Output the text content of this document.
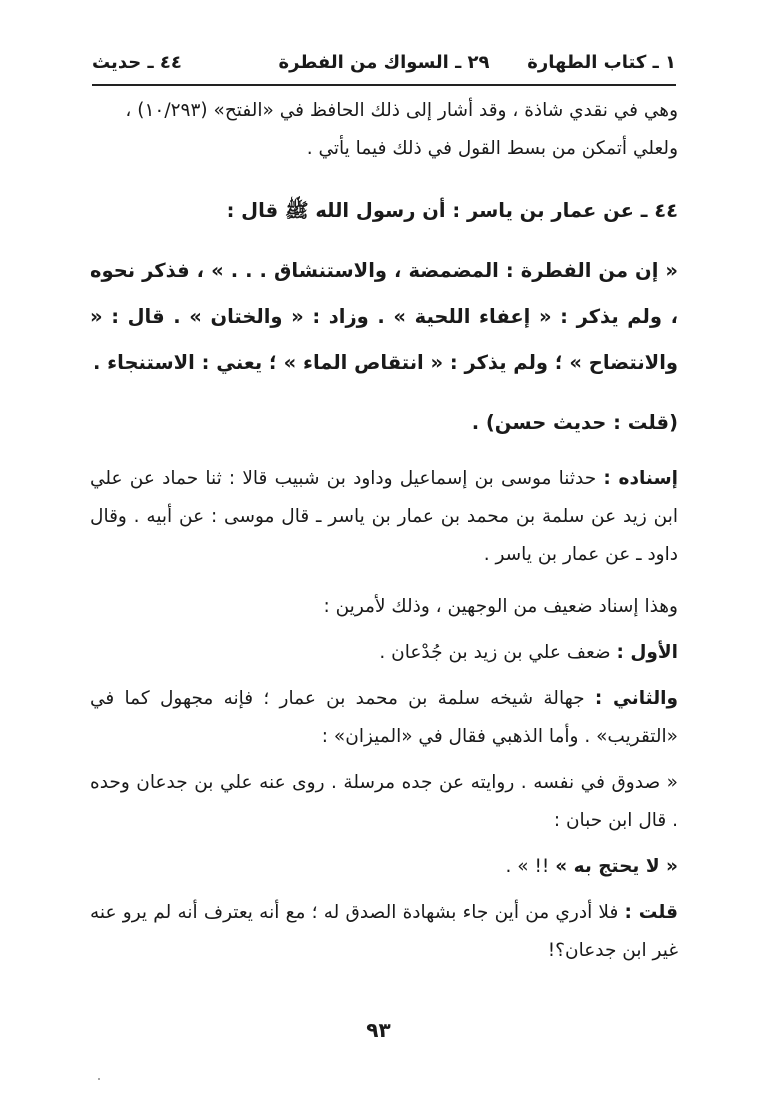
١ ـ كتاب الطهارة
٢٩ ـ السواك من الفطرة
٤٤ ـ حديث

وهي في نقدي شاذة ، وقد أشار إلى ذلك الحافظ في «الفتح» (١٠/٢٩٣) ،
ولعلي أتمكن من بسط القول في ذلك فيما يأتي .

٤٤ ـ عن عمار بن ياسر : أن رسول الله ﷺ قال :

« إن من الفطرة : المضمضة ، والاستنشاق . . . » ، فذكر نحوه ، ولم يذكر : « إعفاء اللحية » . وزاد : « والختان » . قال : « والانتضاح » ؛ ولم يذكر : « انتقاص الماء » ؛ يعني : الاستنجاء .

(قلت : حديث حسن) .

إسناده : حدثنا موسى بن إسماعيل وداود بن شبيب قالا : ثنا حماد عن علي ابن زيد عن سلمة بن محمد بن عمار بن ياسر ـ قال موسى : عن أبيه . وقال داود ـ عن عمار بن ياسر .

وهذا إسناد ضعيف من الوجهين ، وذلك لأمرين :

الأول : ضعف علي بن زيد بن جُدْعان .

والثاني : جهالة شيخه سلمة بن محمد بن عمار ؛ فإنه مجهول كما في «التقريب» . وأما الذهبي فقال في «الميزان» :

« صدوق في نفسه . روايته عن جده مرسلة . روى عنه علي بن جدعان وحده . قال ابن حبان :

« لا يحتج به » !! » .

قلت : فلا أدري من أين جاء بشهادة الصدق له ؛ مع أنه يعترف أنه لم يرو عنه غير ابن جدعان؟!

٩٣
